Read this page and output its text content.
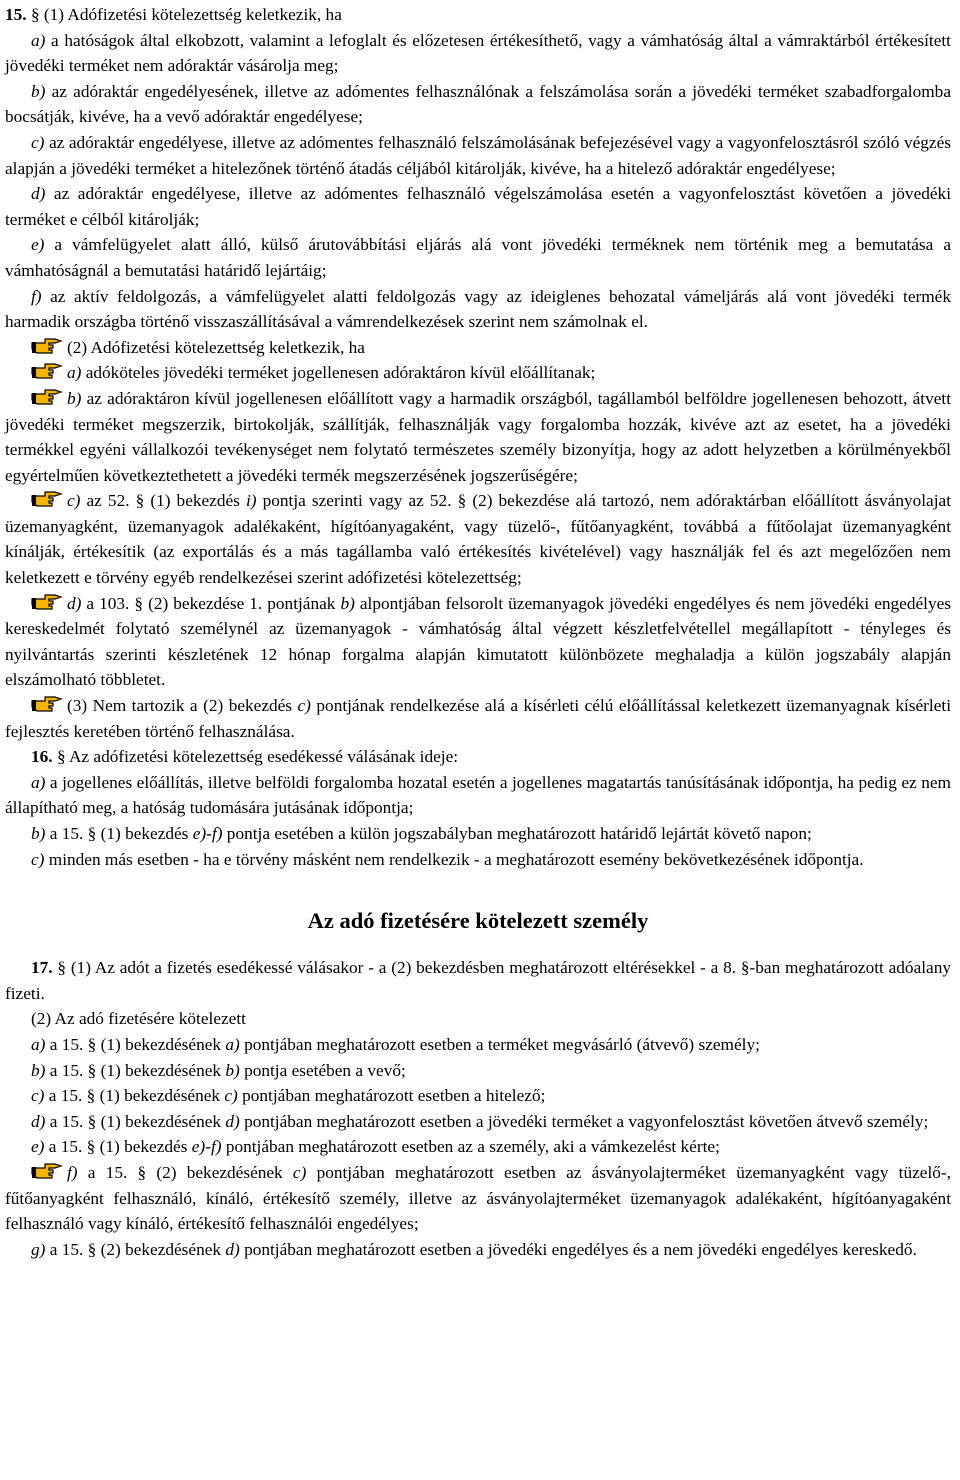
15. § (1) Adófizetési kötelezettség keletkezik, ha

a) a hatóságok által elkobzott, valamint a lefoglalt és előzetesen értékesíthető, vagy a vámhatóság által a vámraktárból értékesített jövedéki terméket nem adóraktár vásárolja meg;

b) az adóraktár engedélyesének, illetve az adómentes felhasználónak a felszámolása során a jövedéki terméket szabadforgalomba bocsátják, kivéve, ha a vevő adóraktár engedélyese;

c) az adóraktár engedélyese, illetve az adómentes felhasználó felszámolásának befejezésével vagy a vagyonfelosztásról szóló végzés alapján a jövedéki terméket a hitelezőnek történő átadás céljából kitárolják, kivéve, ha a hitelező adóraktár engedélyese;

d) az adóraktár engedélyese, illetve az adómentes felhasználó végelszámolása esetén a vagyonfelosztást követően a jövedéki terméket e célból kitárolják;

e) a vámfelügyelet alatt álló, külső árutovábbítási eljárás alá vont jövedéki terméknek nem történik meg a bemutatása a vámhatóságnál a bemutatási határidő lejártáig;

f) az aktív feldolgozás, a vámfelügyelet alatti feldolgozás vagy az ideiglenes behozatal vámeljárás alá vont jövedéki termék harmadik országba történő visszaszállításával a vámrendelkezések szerint nem számolnak el.

(2) Adófizetési kötelezettség keletkezik, ha

a) adóköteles jövedéki terméket jogellenesen adóraktáron kívül előállítanak;

b) az adóraktáron kívül jogellenesen előállított vagy a harmadik országból, tagállamból belföldre jogellenesen behozott, átvett jövedéki terméket megszerzik, birtokolják, szállítják, felhasználják vagy forgalomba hozzák, kivéve azt az esetet, ha a jövedéki termékkel egyéni vállalkozói tevékenységet nem folytató természetes személy bizonyítja, hogy az adott helyzetben a körülményekből egyértelműen következtethetett a jövedéki termék megszerzésének jogszerűségére;

c) az 52. § (1) bekezdés i) pontja szerinti vagy az 52. § (2) bekezdése alá tartozó, nem adóraktárban előállított ásványolajat üzemanyagként, üzemanyagok adalékaként, hígítóanyagaként, vagy tüzelő-, fűtőanyagként, továbbá a fűtőolajat üzemanyagként kínálják, értékesítik (az exportálás és a más tagállamba való értékesítés kivételével) vagy használják fel és azt megelőzően nem keletkezett e törvény egyéb rendelkezései szerint adófizetési kötelezettség;

d) a 103. § (2) bekezdése 1. pontjának b) alpontjában felsorolt üzemanyagok jövedéki engedélyes és nem jövedéki engedélyes kereskedelmét folytató személynél az üzemanyagok - vámhatóság által végzett készletfelvétellel megállapított - tényleges és nyilvántartás szerinti készletének 12 hónap forgalma alapján kimutatott különbözete meghaladja a külön jogszabály alapján elszámolható többletet.

(3) Nem tartozik a (2) bekezdés c) pontjának rendelkezése alá a kísérleti célú előállítással keletkezett üzemanyagnak kísérleti fejlesztés keretében történő felhasználása.

16. § Az adófizetési kötelezettség esedékessé válásának ideje:

a) a jogellenes előállítás, illetve belföldi forgalomba hozatal esetén a jogellenes magatartás tanúsításának időpontja, ha pedig ez nem állapítható meg, a hatóság tudomására jutásának időpontja;

b) a 15. § (1) bekezdés e)-f) pontja esetében a külön jogszabályban meghatározott határidő lejártát követő napon;

c) minden más esetben - ha e törvény másként nem rendelkezik - a meghatározott esemény bekövetkezésének időpontja.

Az adó fizetésére kötelezett személy

17. § (1) Az adót a fizetés esedékessé válásakor - a (2) bekezdésben meghatározott eltérésekkel - a 8. §-ban meghatározott adóalany fizeti.

(2) Az adó fizetésére kötelezett

a) a 15. § (1) bekezdésének a) pontjában meghatározott esetben a terméket megvásárló (átvevő) személy;

b) a 15. § (1) bekezdésének b) pontja esetében a vevő;

c) a 15. § (1) bekezdésének c) pontjában meghatározott esetben a hitelező;

d) a 15. § (1) bekezdésének d) pontjában meghatározott esetben a jövedéki terméket a vagyonfelosztást követően átvevő személy;

e) a 15. § (1) bekezdés e)-f) pontjában meghatározott esetben az a személy, aki a vámkezelést kérte;

f) a 15. § (2) bekezdésének c) pontjában meghatározott esetben az ásványolajterméket üzemanyagként vagy tüzelő-, fűtőanyagként felhasználó, kínáló, értékesítő személy, illetve az ásványolajterméket üzemanyagok adalékaként, hígítóanyagaként felhasználó vagy kínáló, értékesítő felhasználói engedélyes;

g) a 15. § (2) bekezdésének d) pontjában meghatározott esetben a jövedéki engedélyes és a nem jövedéki engedélyes kereskedő.
